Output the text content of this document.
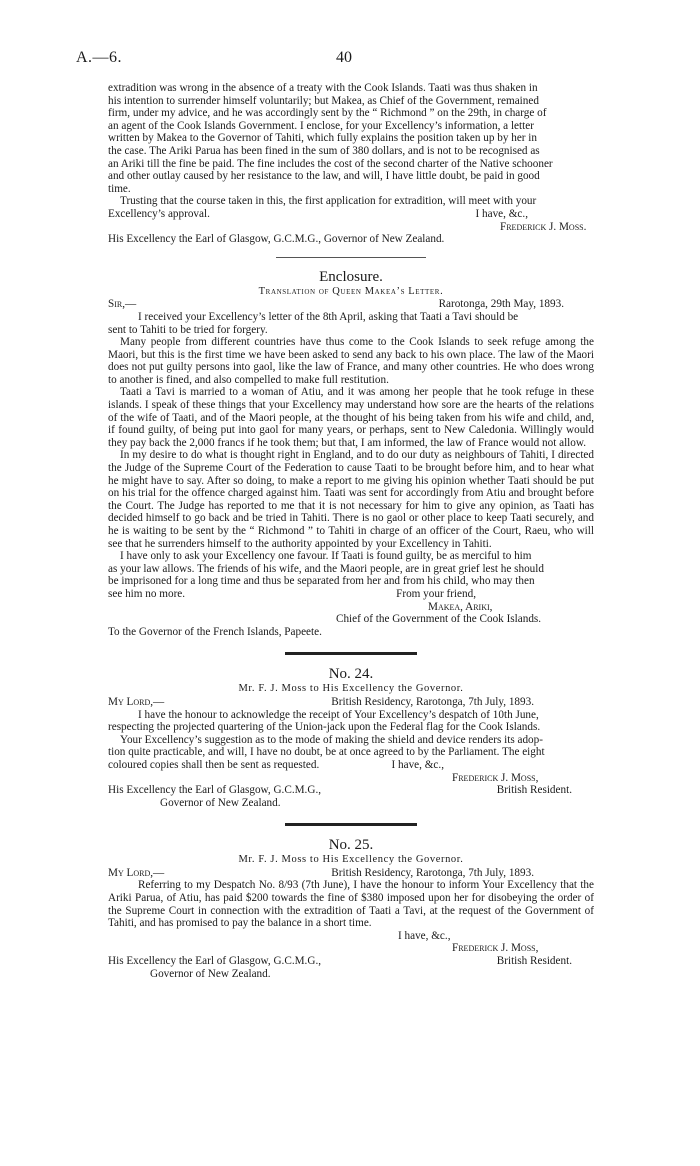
A.—6.	40

extradition was wrong in the absence of a treaty with the Cook Islands. Taati was thus shaken in

his intention to surrender himself voluntarily; but Makea, as Chief of the Government, remained

firm, under my advice, and he was accordingly sent by the “ Richmond ” on the 29th, in charge of

an agent of the Cook Islands Government. I enclose, for your Excellency’s information, a letter

written by Makea to the Governor of Tahiti, which fully explains the position taken up by her in

the case. The Ariki Parua has been fined in the sum of 380 dollars, and is not to be recognised as

an Ariki till the fine be paid. The fine includes the cost of the second charter of the Native schooner

and other outlay caused by her resistance to the law, and will, I have little doubt, be paid in good

time.

Trusting that the course taken in this, the first application for extradition, will meet with your

Excellency’s approval.	I have, &c.,

Frederick J. Moss.

His Excellency the Earl of Glasgow, G.C.M.G., Governor of New Zealand.

Enclosure.

Translation of Queen Makea’s Letter.

Sir,—	Rarotonga, 29th May, 1893.

I received your Excellency’s letter of the 8th April, asking that Taati a Tavi should be

sent to Tahiti to be tried for forgery.

Many people from different countries have thus come to the Cook Islands to seek refuge among the Maori, but this is the first time we have been asked to send any back to his own place. The law of the Maori does not put guilty persons into gaol, like the law of France, and many other countries. He who does wrong to another is fined, and also compelled to make full restitution.

Taati a Tavi is married to a woman of Atiu, and it was among her people that he took refuge in these islands. I speak of these things that your Excellency may understand how sore are the hearts of the relations of the wife of Taati, and of the Maori people, at the thought of his being taken from his wife and child, and, if found guilty, of being put into gaol for many years, or perhaps, sent to New Caledonia. Willingly would they pay back the 2,000 francs if he took them; but that, I am informed, the law of France would not allow.

In my desire to do what is thought right in England, and to do our duty as neighbours of Tahiti, I directed the Judge of the Supreme Court of the Federation to cause Taati to be brought before him, and to hear what he might have to say. After so doing, to make a report to me giving his opinion whether Taati should be put on his trial for the offence charged against him. Taati was sent for accordingly from Atiu and brought before the Court. The Judge has reported to me that it is not necessary for him to give any opinion, as Taati has decided himself to go back and be tried in Tahiti. There is no gaol or other place to keep Taati securely, and he is waiting to be sent by the “ Richmond ” to Tahiti in charge of an officer of the Court, Raeu, who will see that he surrenders himself to the authority appointed by your Excellency in Tahiti.

I have only to ask your Excellency one favour. If Taati is found guilty, be as merciful to him

as your law allows. The friends of his wife, and the Maori people, are in great grief lest he should

be imprisoned for a long time and thus be separated from her and from his child, who may then

see him no more.	From your friend,

Makea, Ariki,

Chief of the Government of the Cook Islands.

To the Governor of the French Islands, Papeete.

No. 24.

Mr. F. J. Moss to His Excellency the Governor.

My Lord,—	British Residency, Rarotonga, 7th July, 1893.

I have the honour to acknowledge the receipt of Your Excellency’s despatch of 10th June,

respecting the projected quartering of the Union-jack upon the Federal flag for the Cook Islands.

Your Excellency’s suggestion as to the mode of making the shield and device renders its adop-

tion quite practicable, and will, I have no doubt, be at once agreed to by the Parliament. The eight

coloured copies shall then be sent as requested.	I have, &c.,

Frederick J. Moss,

His Excellency the Earl of Glasgow, G.C.M.G.,	British Resident.

Governor of New Zealand.

No. 25.

Mr. F. J. Moss to His Excellency the Governor.

My Lord,—	British Residency, Rarotonga, 7th July, 1893.

Referring to my Despatch No. 8/93 (7th June), I have the honour to inform Your Excellency that the Ariki Parua, of Atiu, has paid $200 towards the fine of $380 imposed upon her for disobeying the order of the Supreme Court in connection with the extradition of Taati a Tavi, at the request of the Government of Tahiti, and has promised to pay the balance in a short time.

I have, &c.,

Frederick J. Moss,

His Excellency the Earl of Glasgow, G.C.M.G.,	British Resident.

Governor of New Zealand.
